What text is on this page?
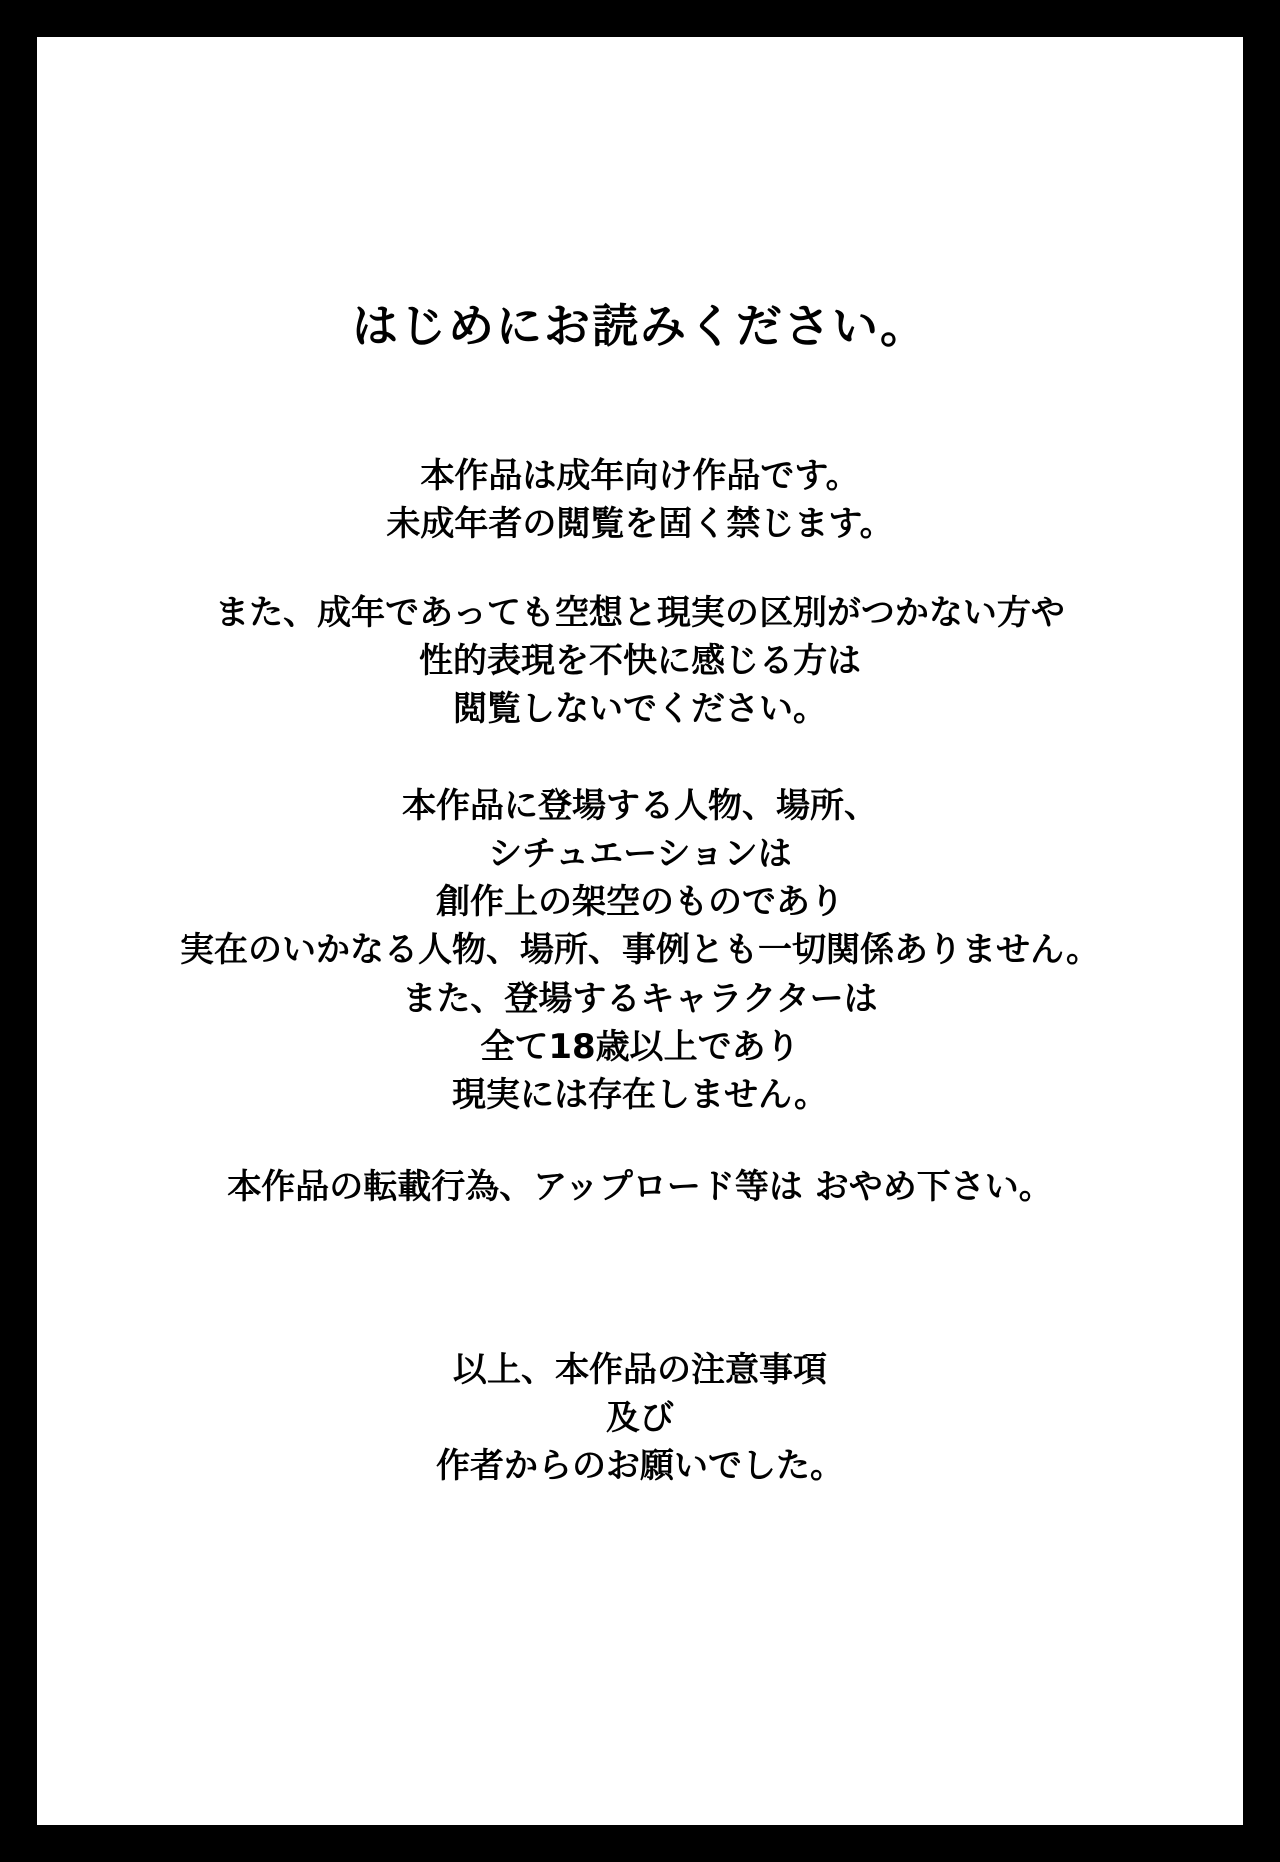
はじめにお読みください。
本作品は成年向け作品です。
未成年者の閲覧を固く禁じます。
また、成年であっても空想と現実の区別がつかない方や
性的表現を不快に感じる方は
閲覧しないでください。
本作品に登場する人物、場所、
シチュエーションは
創作上の架空のものであり
実在のいかなる人物、場所、事例とも一切関係ありません。
また、登場するキャラクターは
全て18歳以上であり
現実には存在しません。
本作品の転載行為、アップロード等は おやめ下さい。
以上、本作品の注意事項
及び
作者からのお願いでした。
